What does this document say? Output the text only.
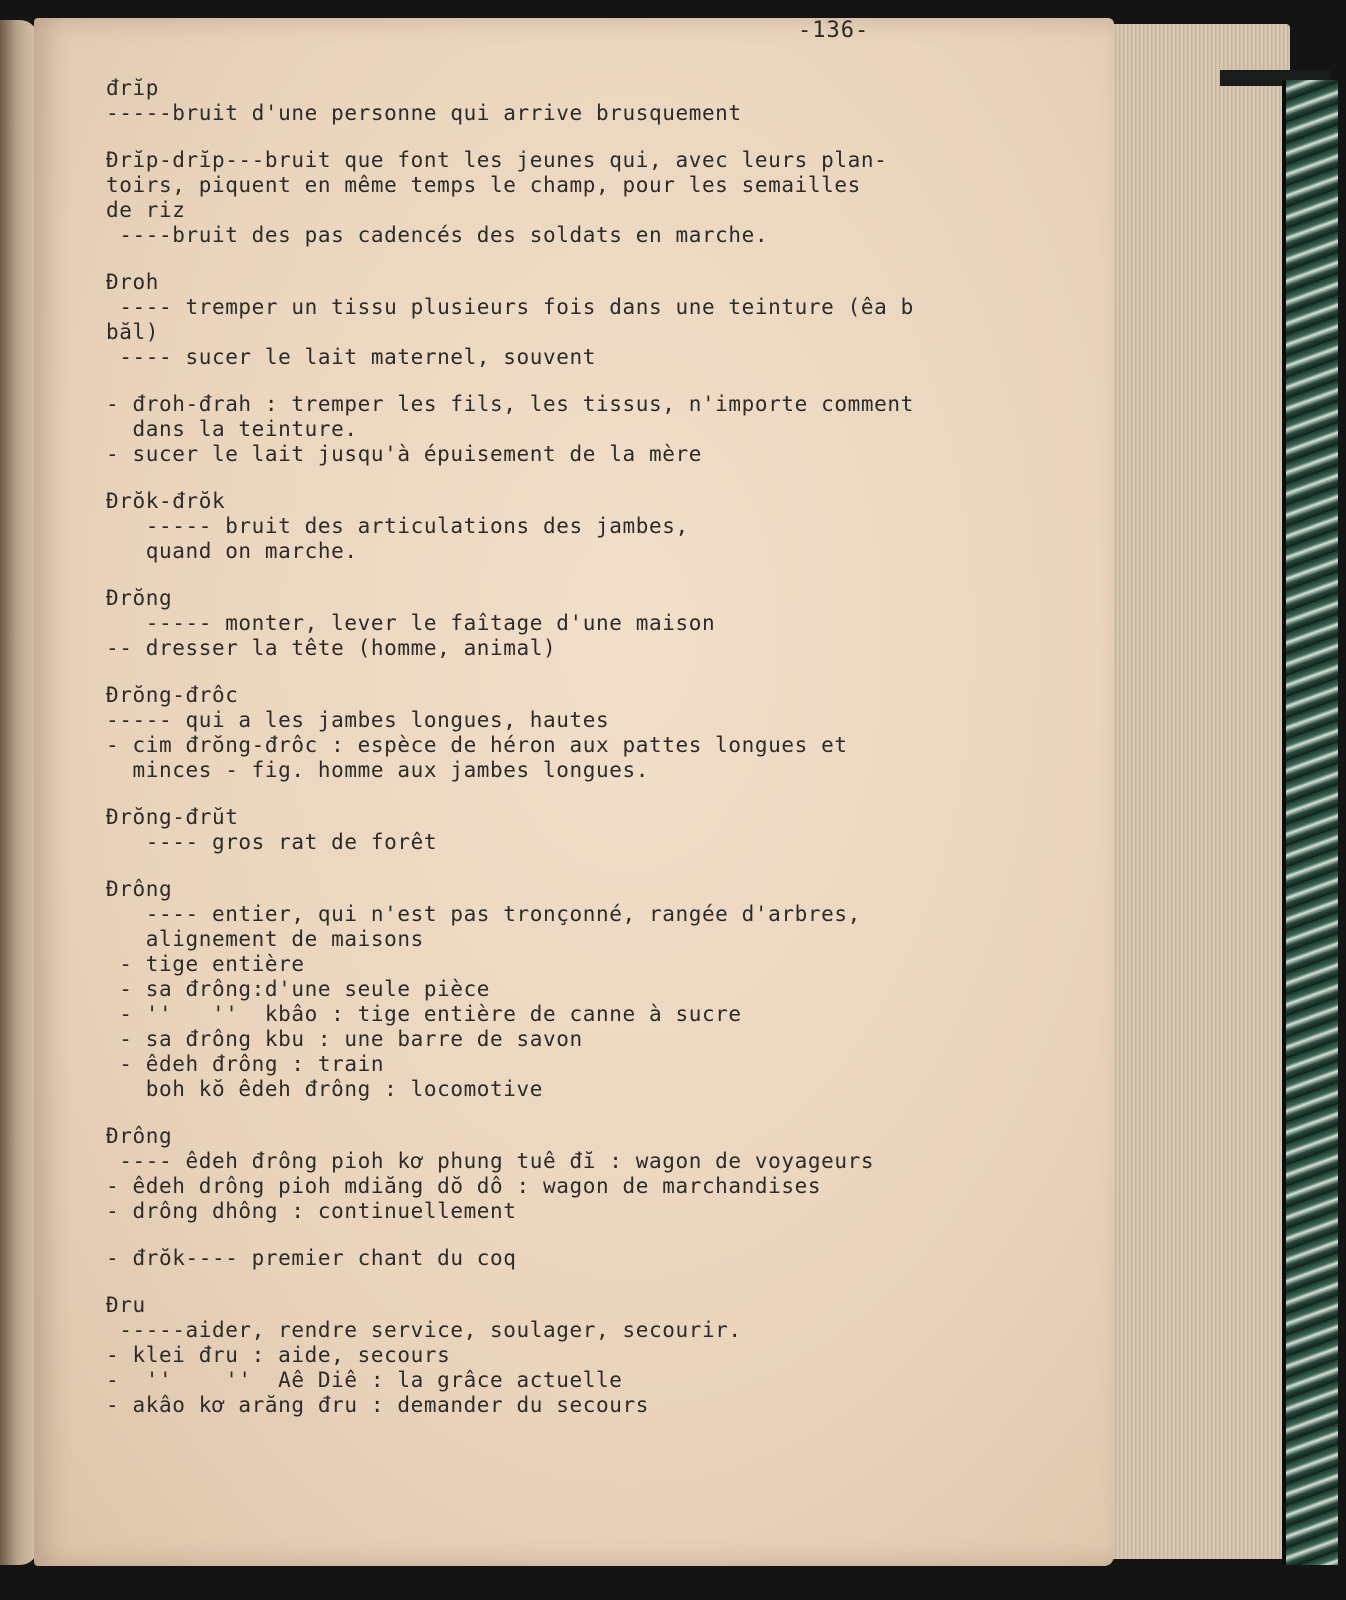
-136-
đrĭp
-----bruit d'une personne qui arrive brusquement
Đrĭp-drĭp---bruit que font les jeunes qui, avec leurs plan-
toirs, piquent en même temps le champ, pour les semailles
de riz
----bruit des pas cadencés des soldats en marche.
Đroh
---- tremper un tissu plusieurs fois dans une teinture (êa b
băl)
---- sucer le lait maternel, souvent
- đroh-đrah : tremper les fils, les tissus, n'importe comment
dans la teinture.
- sucer le lait jusqu'à épuisement de la mère
Đrŏk-đrŏk
----- bruit des articulations des jambes,
quand on marche.
Đrŏng
----- monter, lever le faîtage d'une maison
-- dresser la tête (homme, animal)
Đrŏng-đrôc
----- qui a les jambes longues, hautes
- cim đrŏng-đrôc : espèce de héron aux pattes longues et
minces - fig. homme aux jambes longues.
Đrŏng-đrŭt
---- gros rat de forêt
Đrông
---- entier, qui n'est pas tronçonné, rangée d'arbres,
alignement de maisons
- tige entière
- sa đrông:d'une seule pièce
- ''   ''  kbâo : tige entière de canne à sucre
- sa đrông kbu : une barre de savon
- êdeh đrông : train
boh kŏ êdeh đrông : locomotive
Đrông
---- êdeh đrông pioh kơ phung tuê đĭ : wagon de voyageurs
- êdeh drông pioh mdiăng dŏ dô : wagon de marchandises
- drông dhông : continuellement
- đrŏk---- premier chant du coq
Đru
-----aider, rendre service, soulager, secourir.
- klei đru : aide, secours
-  ''    ''  Aê Diê : la grâce actuelle
- akâo kơ arăng đru : demander du secours
